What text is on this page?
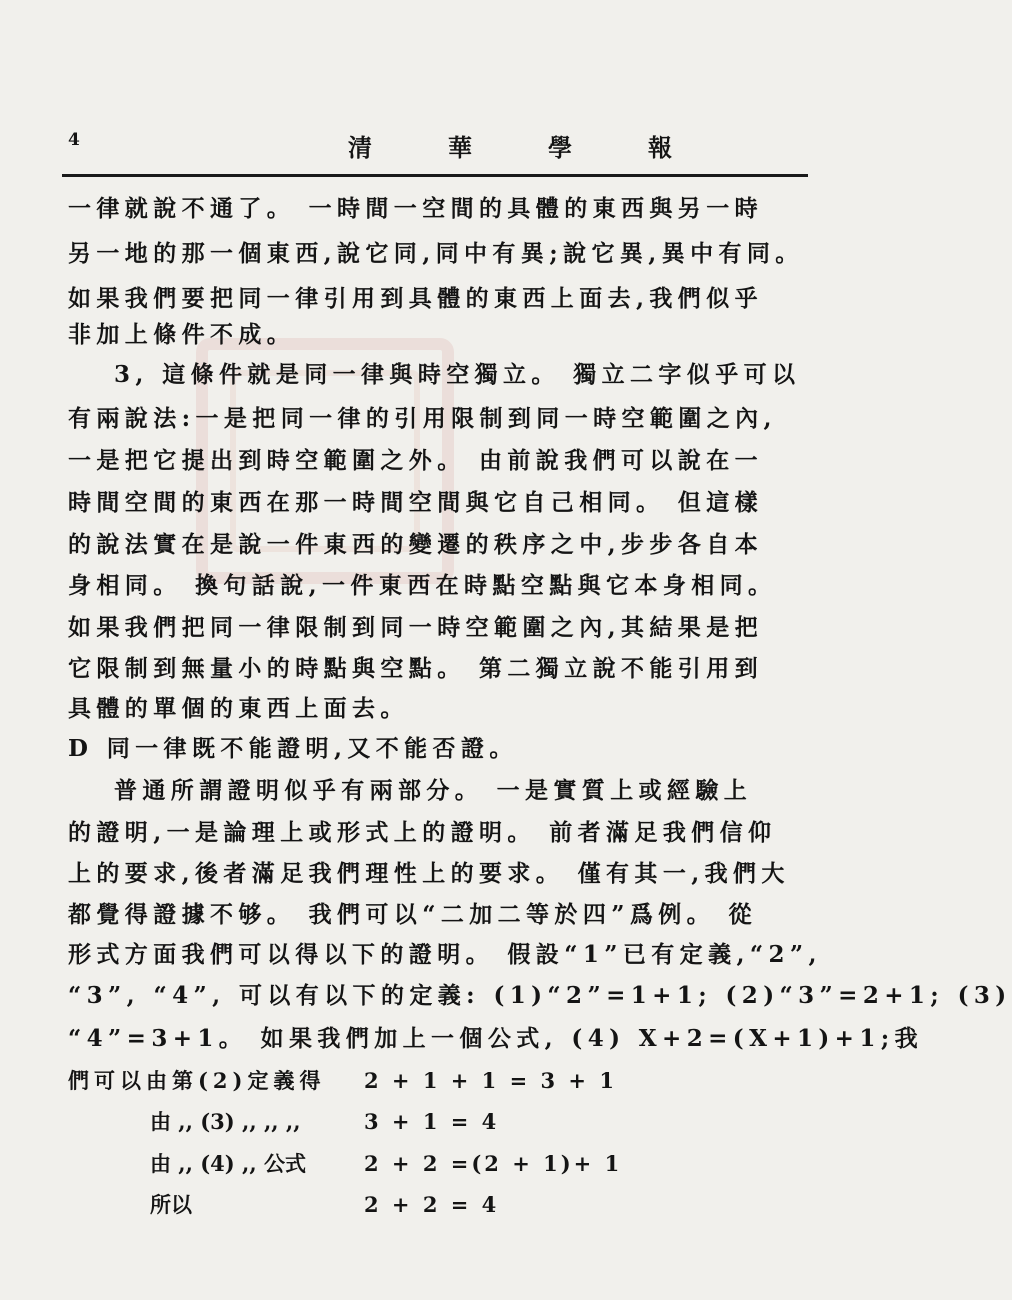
4	清	華	學	報
一律就說不通了。 一時間一空間的具體的東西與另一時
另一地的那一個東西,說它同,同中有異;說它異,異中有同。
如果我們要把同一律引用到具體的東西上面去,我們似乎
非加上條件不成。
3, 這條件就是同一律與時空獨立。 獨立二字似乎可以
有兩說法:一是把同一律的引用限制到同一時空範圍之內,
一是把它提出到時空範圍之外。 由前說我們可以說在一
時間空間的東西在那一時間空間與它自己相同。 但這樣
的說法實在是說一件東西的變遷的秩序之中,步步各自本
身相同。 換句話說,一件東西在時點空點與它本身相同。
如果我們把同一律限制到同一時空範圍之內,其結果是把
它限制到無量小的時點與空點。 第二獨立說不能引用到
具體的單個的東西上面去。
D 同一律既不能證明,又不能否證。
普通所謂證明似乎有兩部分。 一是實質上或經驗上
的證明,一是論理上或形式上的證明。 前者滿足我們信仰
上的要求,後者滿足我們理性上的要求。 僅有其一,我們大
都覺得證據不够。 我們可以“二加二等於四”爲例。 從
形式方面我們可以得以下的證明。 假設“1”已有定義,“2”,
“3”, “4”, 可以有以下的定義: (1)“2”=1+1; (2)“3”=2+1; (3)
“4”=3+1。 如果我們加上一個公式, (4) X+2=(X+1)+1;我
們可以由第(2)定義得 2 + 1 + 1 = 3 + 1
由 ,, (3) ,, ,, ,,	3 + 1 = 4
由 ,, (4) ,, 公式	2 + 2 =(2 + 1)+ 1
所以	2 + 2 = 4
